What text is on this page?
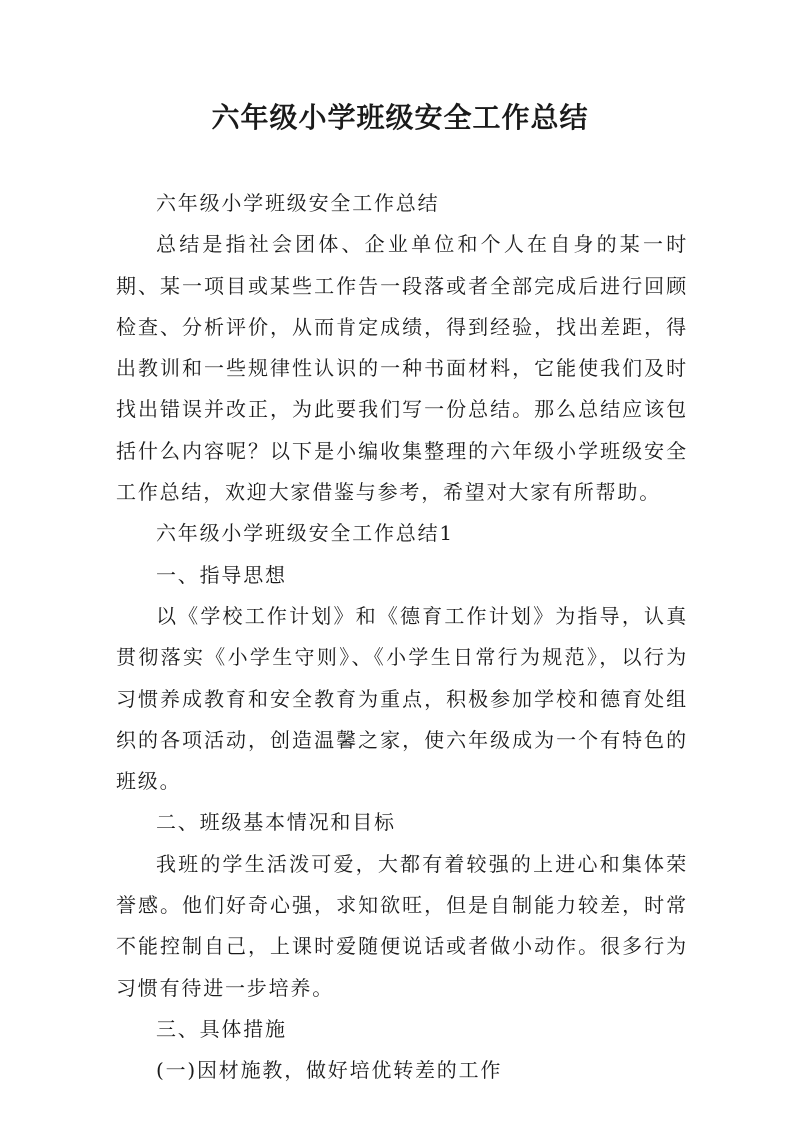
六年级小学班级安全工作总结

六年级小学班级安全工作总结

总结是指社会团体、企业单位和个人在自身的某一时期、某一项目或某些工作告一段落或者全部完成后进行回顾检查、分析评价，从而肯定成绩，得到经验，找出差距，得出教训和一些规律性认识的一种书面材料，它能使我们及时找出错误并改正，为此要我们写一份总结。那么总结应该包括什么内容呢？以下是小编收集整理的六年级小学班级安全工作总结，欢迎大家借鉴与参考，希望对大家有所帮助。

六年级小学班级安全工作总结1

一、指导思想

以《学校工作计划》和《德育工作计划》为指导，认真贯彻落实《小学生守则》、《小学生日常行为规范》，以行为习惯养成教育和安全教育为重点，积极参加学校和德育处组织的各项活动，创造温馨之家，使六年级成为一个有特色的班级。

二、班级基本情况和目标

我班的学生活泼可爱，大都有着较强的上进心和集体荣誉感。他们好奇心强，求知欲旺，但是自制能力较差，时常不能控制自己，上课时爱随便说话或者做小动作。很多行为习惯有待进一步培养。

三、具体措施

(一)因材施教，做好培优转差的工作
